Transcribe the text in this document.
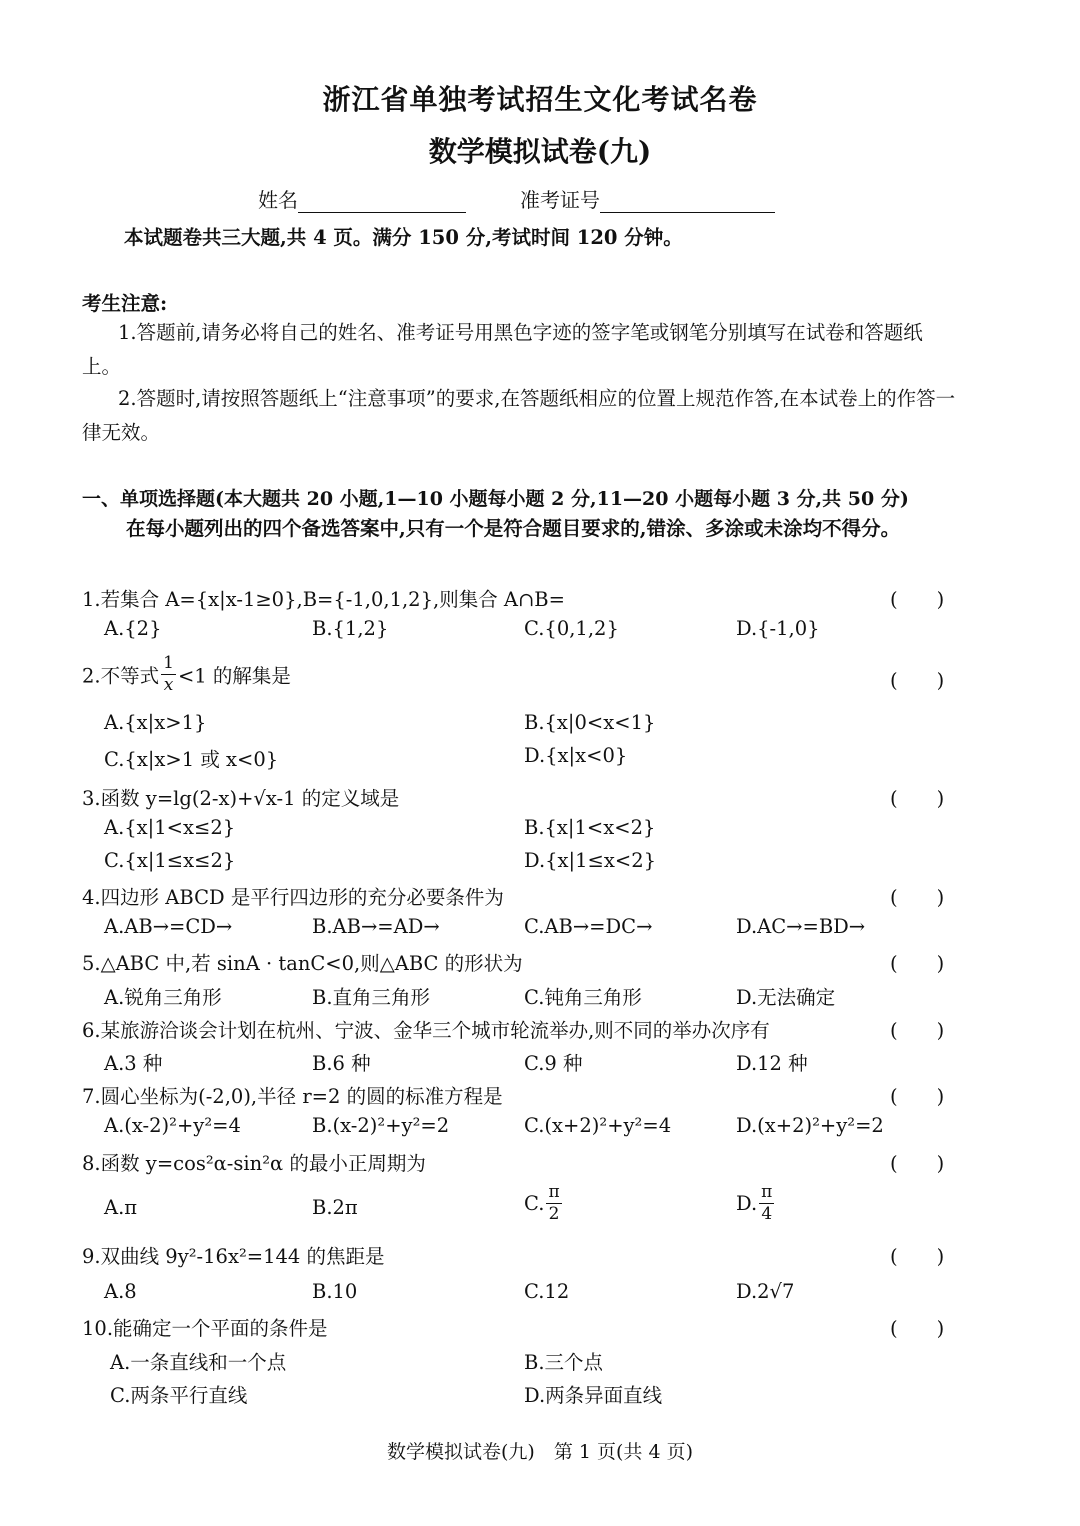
浙江省单独考试招生文化考试名卷
数学模拟试卷(九)
姓名	准考证号
本试题卷共三大题,共 4 页。满分 150 分,考试时间 120 分钟。
考生注意:
1.答题前,请务必将自己的姓名、准考证号用黑色字迹的签字笔或钢笔分别填写在试卷和答题纸上。
2.答题时,请按照答题纸上“注意事项”的要求,在答题纸相应的位置上规范作答,在本试卷上的作答一律无效。
一、单项选择题(本大题共 20 小题,1—10 小题每小题 2 分,11—20 小题每小题 3 分,共 50 分)
在每小题列出的四个备选答案中,只有一个是符合题目要求的,错涂、多涂或未涂均不得分。
1.若集合 A={x|x-1≥0},B={-1,0,1,2},则集合 A∩B=	(　　)
A.{2}	B.{1,2}	C.{0,1,2}	D.{-1,0}
2.不等式 $\frac{1}{x} <1$ 的解集是	(　　)
A.{x|x>1}	B.{x|0<x<1}
C.{x|x>1 或 x<0}	D.{x|x<0}
3.函数 y=lg(2-x)+√x-1 的定义域是	(　　)
A.{x|1<x≤2}	B.{x|1<x<2}
C.{x|1≤x≤2}	D.{x|1≤x<2}
4.四边形 ABCD 是平行四边形的充分必要条件为	(　　)
A.AB→=CD→	B.AB→=AD→	C.AB→=DC→	D.AC→=BD→
5.△ABC 中,若 sinA · tanC<0,则△ABC 的形状为	(　　)
A.锐角三角形	B.直角三角形	C.钝角三角形	D.无法确定
6.某旅游洽谈会计划在杭州、宁波、金华三个城市轮流举办,则不同的举办次序有	(　　)
A.3 种	B.6 种	C.9 种	D.12 种
7.圆心坐标为(-2,0),半径 r=2 的圆的标准方程是	(　　)
A.(x-2)²+y²=4	B.(x-2)²+y²=2	C.(x+2)²+y²=4	D.(x+2)²+y²=2
8.函数 y=cos²α-sin²α 的最小正周期为	(　　)
A.π	B.2π	C. $\frac{\pi}{2}$	D. $\frac{\pi}{4}$
9.双曲线 9y²-16x²=144 的焦距是	(　　)
A.8	B.10	C.12	D.2√7
10.能确定一个平面的条件是	(　　)
A.一条直线和一个点	B.三个点
C.两条平行直线	D.两条异面直线
数学模拟试卷(九)　第 1 页(共 4 页)
